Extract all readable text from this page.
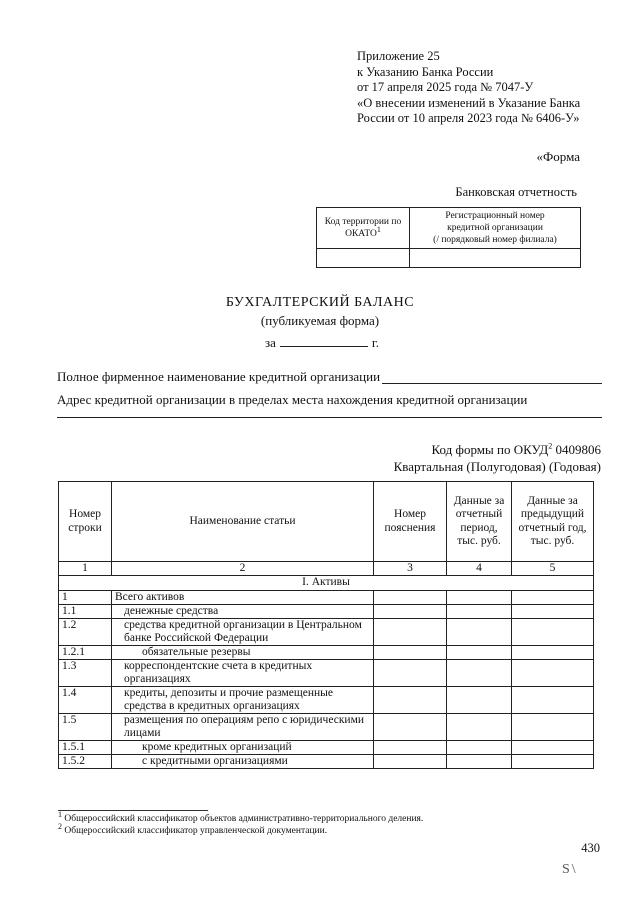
Приложение 25
к Указанию Банка России
от 17 апреля 2025 года № 7047-У
«О внесении изменений в Указание Банка
России от 10 апреля 2023 года № 6406-У»
«Форма
Банковская отчетность
Код территории по ОКАТО$^1$	Регистрационный номер
кредитной организации
(/ порядковый номер филиала)

БУХГАЛТЕРСКИЙ БАЛАНС
(публикуемая форма)
за	г.
Полное фирменное наименование кредитной организации
Адрес кредитной организации в пределах места нахождения кредитной организации
Код формы по ОКУД$^2$ 0409806
Квартальная (Полугодовая) (Годовая)
Номер строки	Наименование статьи	Номер пояснения	Данные за отчетный период, тыс. руб.	Данные за предыдущий отчетный год, тыс. руб.
1	2	3	4	5
I. Активы				
1	Всего активов			
1.1	денежные средства			
1.2	средства кредитной организации в Центральном банке Российской Федерации			
1.2.1	обязательные резервы			
1.3	корреспондентские счета в кредитных организациях			
1.4	кредиты, депозиты и прочие размещенные средства в кредитных организациях			
1.5	размещения по операциям репо с юридическими лицами			
1.5.1	кроме кредитных организаций			
1.5.2	с кредитными организациями			
$^1$ Общероссийский классификатор объектов административно-территориального деления.
$^2$ Общероссийский классификатор управленческой документации.
430
S\
